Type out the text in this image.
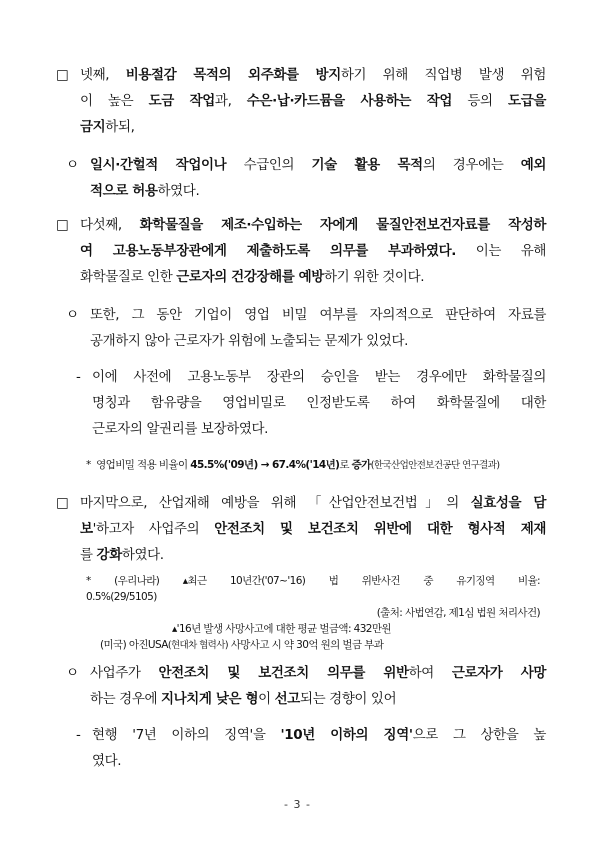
□ 넷째, 비용절감 목적의 외주화를 방지하기 위해 직업병 발생 위험
이 높은 도금 작업과, 수은·납·카드뮴을 사용하는 작업 등의 도급을
금지하되,
ㅇ 일시·간헐적 작업이나 수급인의 기술 활용 목적의 경우에는 예외
적으로 허용하였다.
□ 다섯째, 화학물질을 제조·수입하는 자에게 물질안전보건자료를 작성하
여 고용노동부장관에게 제출하도록 의무를 부과하였다. 이는 유해
화학물질로 인한 근로자의 건강장해를 예방하기 위한 것이다.
ㅇ 또한, 그 동안 기업이 영업 비밀 여부를 자의적으로 판단하여 자료를
공개하지 않아 근로자가 위험에 노출되는 문제가 있었다.
- 이에 사전에 고용노동부 장관의 승인을 받는 경우에만 화학물질의
명칭과 함유량을 영업비밀로 인정받도록 하여 화학물질에 대한
근로자의 알권리를 보장하였다.
* 영업비밀 적용 비율이 45.5%('09년) → 67.4%('14년)로 증가(한국산업안전보건공단 연구결과)
□ 마지막으로, 산업재해 예방을 위해 「산업안전보건법」의 실효성을 담
보'하고자 사업주의 안전조치 및 보건조치 위반에 대한 형사적 제재
를 강화하였다.
* (우리나라) ▴최근 10년간('07~'16) 법 위반사건 중 유기징역 비율:
0.5%(29/5105)
(출처: 사법연감, 제1심 법원 처리사건)
▴'16년 발생 사망사고에 대한 평균 벌금액: 432만원
(미국) 아진USA(현대차 협력사) 사망사고 시 약 30억 원의 벌금 부과
ㅇ 사업주가 안전조치 및 보건조치 의무를 위반하여 근로자가 사망
하는 경우에 지나치게 낮은 형이 선고되는 경향이 있어
- 현행 '7년 이하의 징역'을 '10년 이하의 징역'으로 그 상한을 높
였다.
- 3 -
